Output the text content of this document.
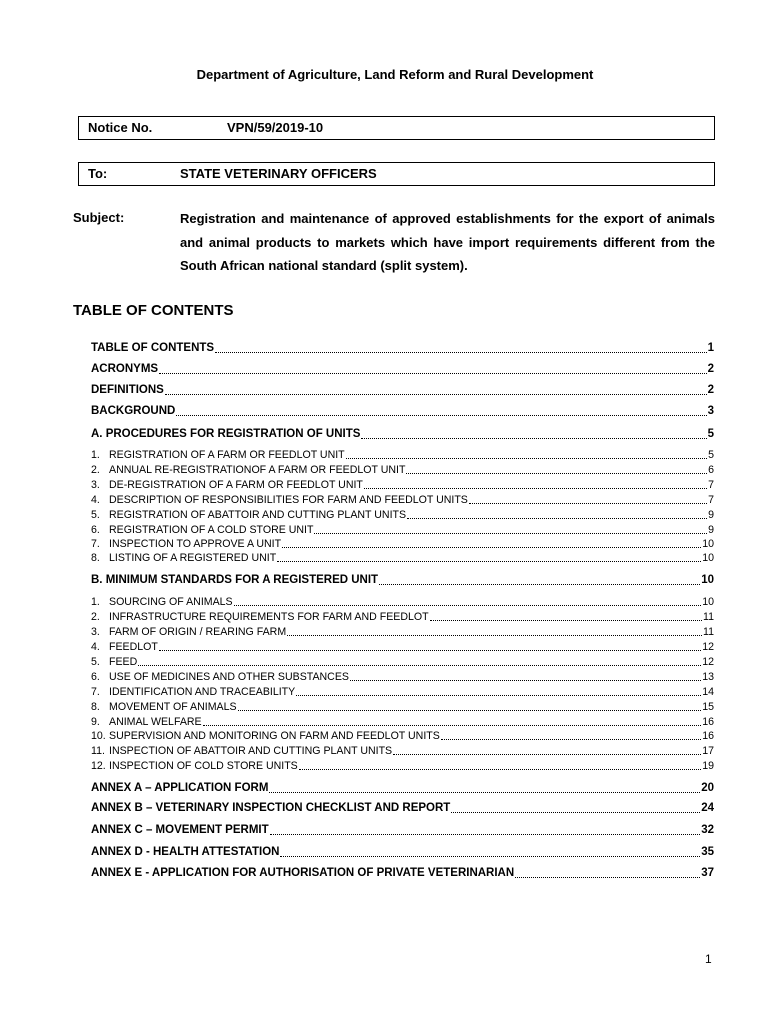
Department of Agriculture, Land Reform and Rural Development
Notice No.	VPN/59/2019-10
To:	STATE VETERINARY OFFICERS
Subject:	Registration and maintenance of approved establishments for the export of animals and animal products to markets which have import requirements different from the South African national standard (split system).
TABLE OF CONTENTS
TABLE OF CONTENTS	1
ACRONYMS	2
DEFINITIONS	2
BACKGROUND	3
A. PROCEDURES FOR REGISTRATION OF UNITS	5
1. REGISTRATION OF A FARM OR FEEDLOT UNIT	5
2. ANNUAL RE-REGISTRATIONOF A FARM OR FEEDLOT UNIT	6
3. DE-REGISTRATION OF A FARM OR FEEDLOT UNIT	7
4. DESCRIPTION OF RESPONSIBILITIES FOR FARM AND FEEDLOT UNITS	7
5. REGISTRATION OF ABATTOIR AND CUTTING PLANT UNITS	9
6. REGISTRATION OF A COLD STORE UNIT	9
7. INSPECTION TO APPROVE A UNIT	10
8. LISTING OF A REGISTERED UNIT	10
B. MINIMUM STANDARDS FOR A REGISTERED UNIT	10
1. SOURCING OF ANIMALS	10
2. INFRASTRUCTURE REQUIREMENTS FOR FARM AND FEEDLOT	11
3. FARM OF ORIGIN / REARING FARM	11
4. FEEDLOT	12
5. FEED	12
6. USE OF MEDICINES AND OTHER SUBSTANCES	13
7. IDENTIFICATION AND TRACEABILITY	14
8. MOVEMENT OF ANIMALS	15
9. ANIMAL WELFARE	16
10. SUPERVISION AND MONITORING ON FARM AND FEEDLOT UNITS	16
11. INSPECTION OF ABATTOIR AND CUTTING PLANT UNITS	17
12. INSPECTION OF COLD STORE UNITS	19
ANNEX A – APPLICATION FORM	20
ANNEX B – VETERINARY INSPECTION CHECKLIST AND REPORT	24
ANNEX C – MOVEMENT PERMIT	32
ANNEX D - HEALTH ATTESTATION	35
ANNEX E - APPLICATION FOR AUTHORISATION OF PRIVATE VETERINARIAN	37
1
